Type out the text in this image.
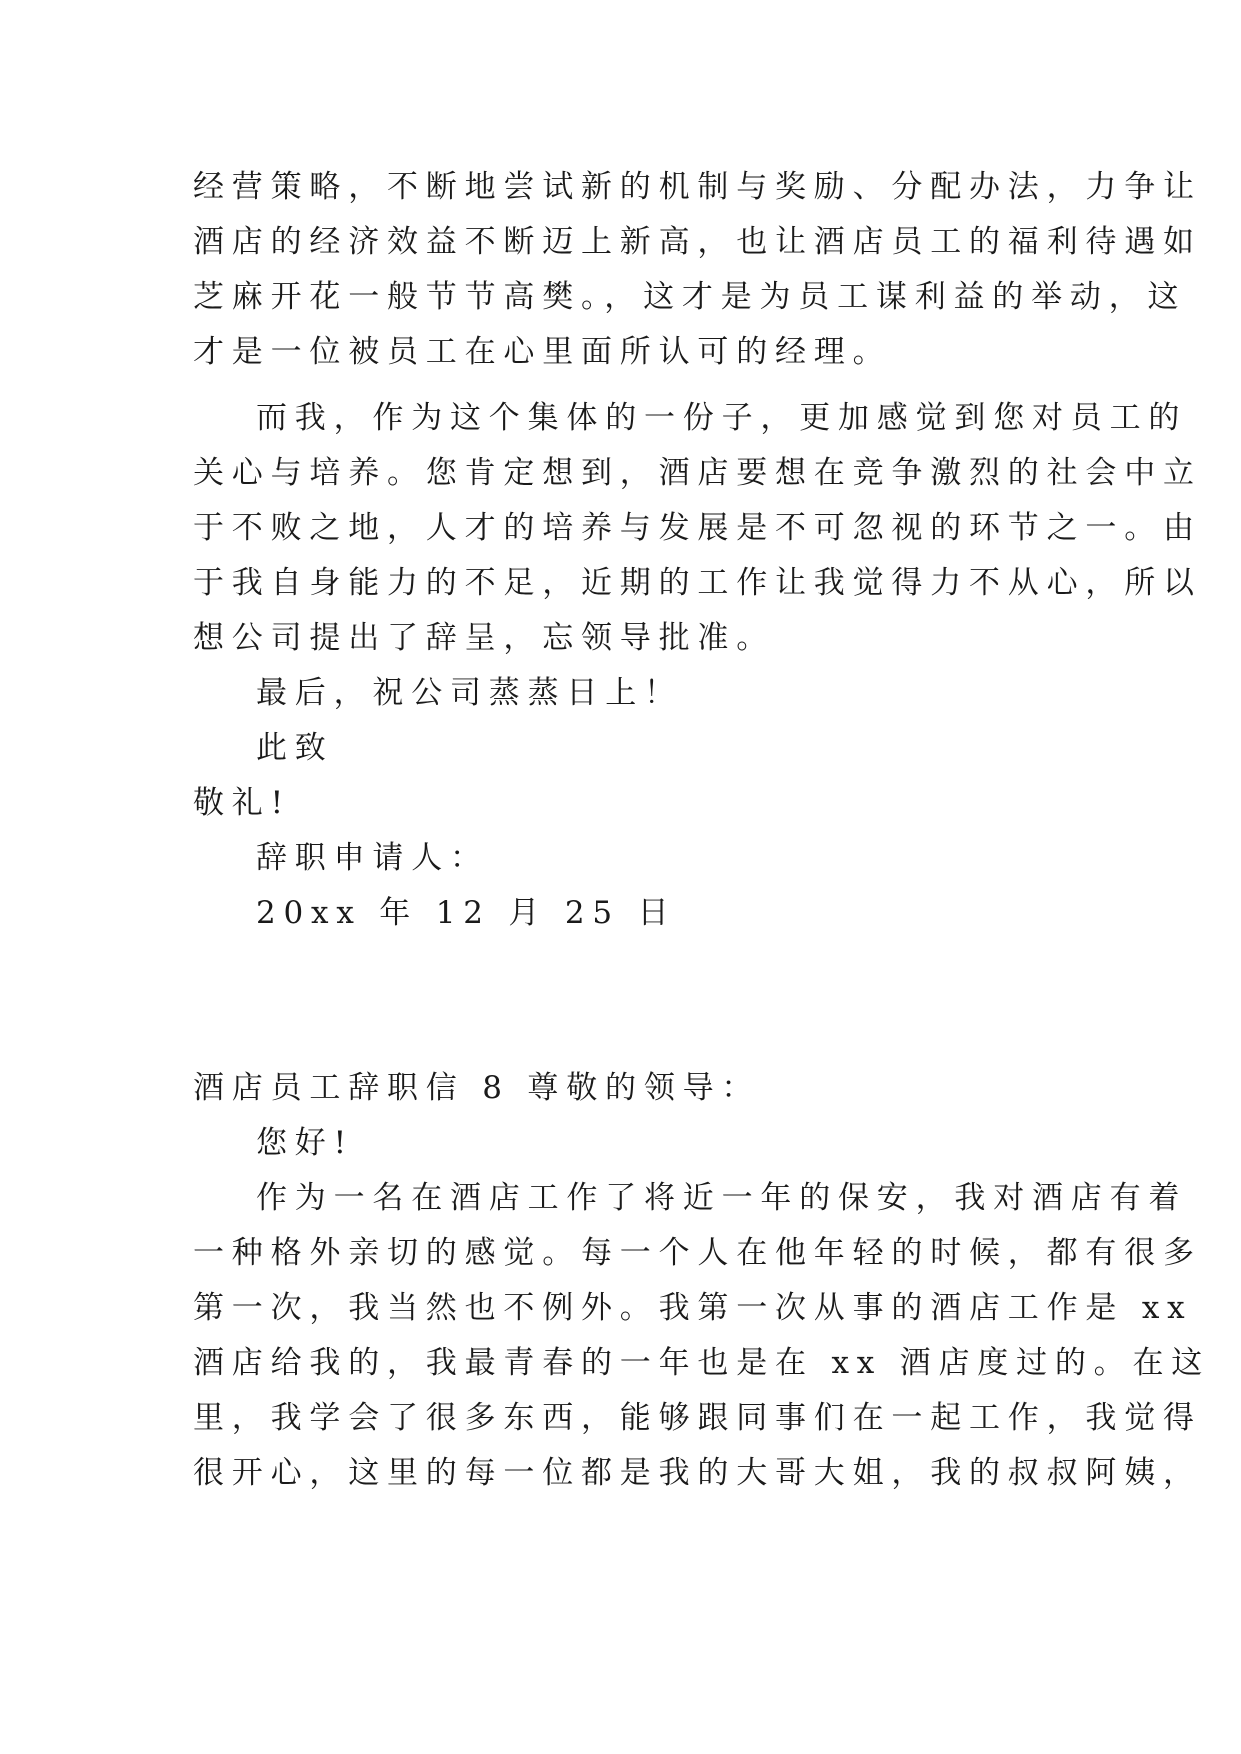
经营策略，不断地尝试新的机制与奖励、分配办法，力争让
酒店的经济效益不断迈上新高，也让酒店员工的福利待遇如
芝麻开花一般节节高樊。，这才是为员工谋利益的举动，这
才是一位被员工在心里面所认可的经理。
而我，作为这个集体的一份子，更加感觉到您对员工的
关心与培养。您肯定想到，酒店要想在竞争激烈的社会中立
于不败之地，人才的培养与发展是不可忽视的环节之一。由
于我自身能力的不足，近期的工作让我觉得力不从心，所以
想公司提出了辞呈，忘领导批准。
最后，祝公司蒸蒸日上！
此致
敬礼!
辞职申请人：
20xx 年 12 月 25 日
酒店员工辞职信 8 尊敬的领导：
您好!
作为一名在酒店工作了将近一年的保安，我对酒店有着
一种格外亲切的感觉。每一个人在他年轻的时候，都有很多
第一次，我当然也不例外。我第一次从事的酒店工作是 xx
酒店给我的，我最青春的一年也是在 xx 酒店度过的。在这
里，我学会了很多东西，能够跟同事们在一起工作，我觉得
很开心，这里的每一位都是我的大哥大姐，我的叔叔阿姨，
